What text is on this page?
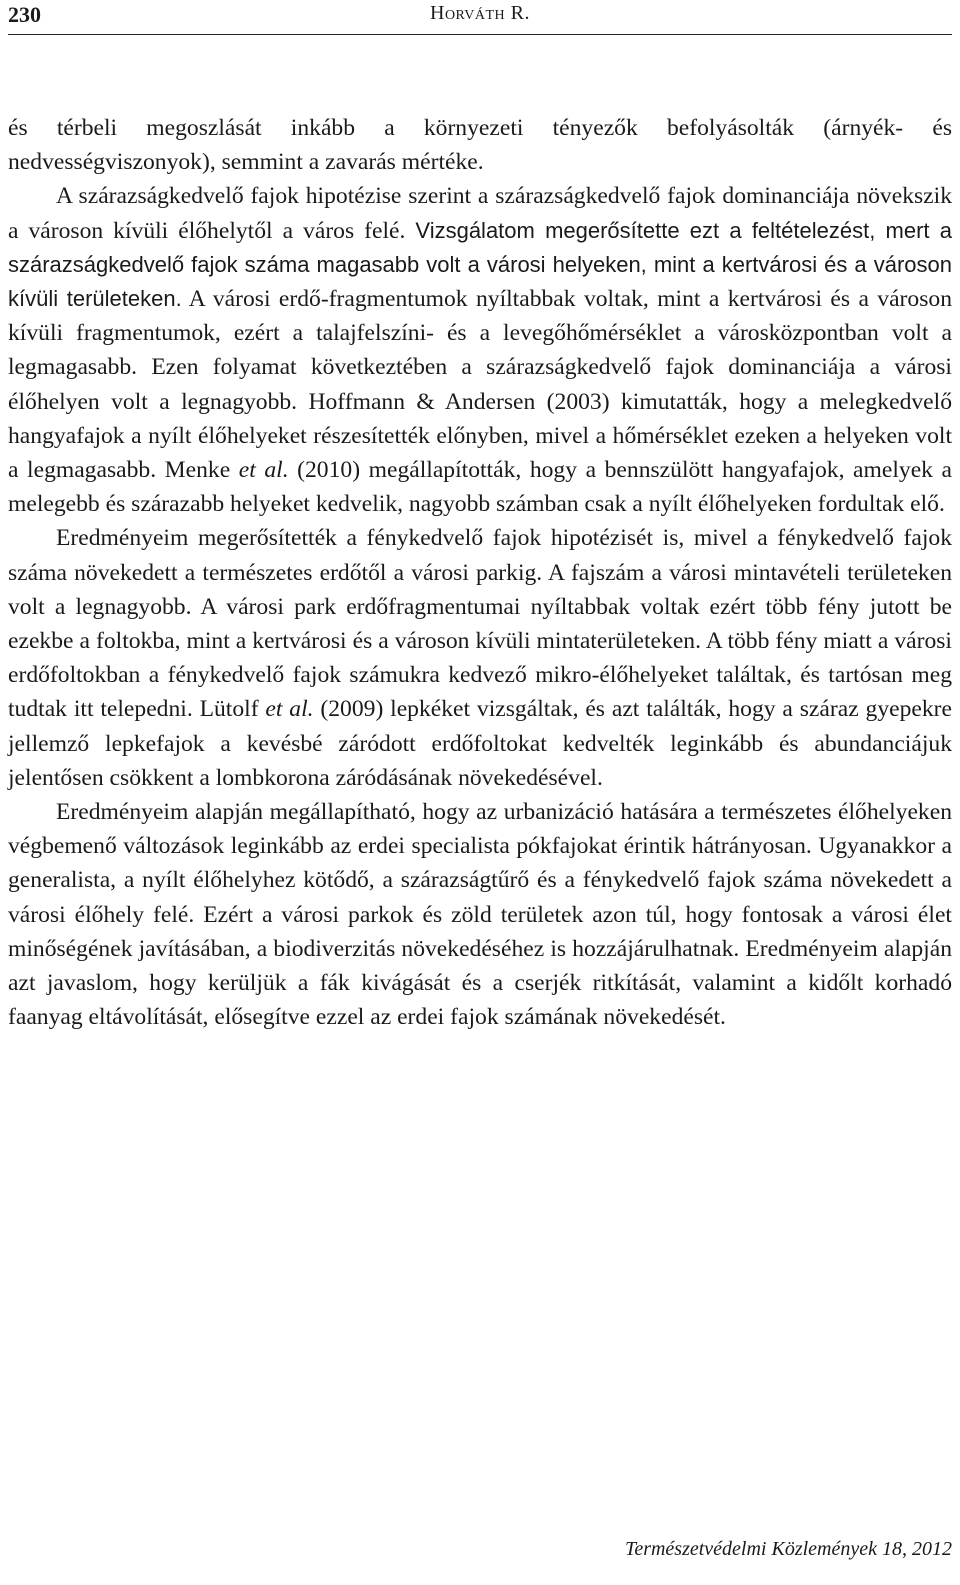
230	Horváth R.

és térbeli megoszlását inkább a környezeti tényezők befolyásolták (árnyék- és nedvességviszonyok), semmint a zavarás mértéke.

A szárazságkedvelő fajok hipotézise szerint a szárazságkedvelő fajok dominanciája növekszik a városon kívüli élőhelytől a város felé. Vizsgálatom megerősítette ezt a feltételezést, mert a szárazságkedvelő fajok száma magasabb volt a városi helyeken, mint a kertvárosi és a városon kívüli területeken. A városi erdő-fragmentumok nyíltabbak voltak, mint a kertvárosi és a városon kívüli fragmentumok, ezért a talajfelszíni- és a levegőhőmérséklet a városközpontban volt a legmagasabb. Ezen folyamat következtében a szárazságkedvelő fajok dominanciája a városi élőhelyen volt a legnagyobb. Hoffmann & Andersen (2003) kimutatták, hogy a melegkedvelő hangyafajok a nyílt élőhelyeket részesítették előnyben, mivel a hőmérséklet ezeken a helyeken volt a legmagasabb. Menke et al. (2010) megállapították, hogy a bennszülött hangyafajok, amelyek a melegebb és szárazabb helyeket kedvelik, nagyobb számban csak a nyílt élőhelyeken fordultak elő.

Eredményeim megerősítették a fénykedvelő fajok hipotézisét is, mivel a fénykedvelő fajok száma növekedett a természetes erdőtől a városi parkig. A fajszám a városi mintavételi területeken volt a legnagyobb. A városi park erdőfragmentumai nyíltabbak voltak ezért több fény jutott be ezekbe a foltokba, mint a kertvárosi és a városon kívüli mintaterületeken. A több fény miatt a városi erdőfoltokban a fénykedvelő fajok számukra kedvező mikro-élőhelyeket találtak, és tartósan meg tudtak itt telepedni. Lütolf et al. (2009) lepkéket vizsgáltak, és azt találták, hogy a száraz gyepekre jellemző lepkefajok a kevésbé záródott erdőfoltokat kedvelték leginkább és abundanciájuk jelentősen csökkent a lombkorona záródásának növekedésével.

Eredményeim alapján megállapítható, hogy az urbanizáció hatására a természetes élőhelyeken végbemenő változások leginkább az erdei specialista pókfajokat érintik hátrányosan. Ugyanakkor a generalista, a nyílt élőhelyhez kötődő, a szárazságtűrő és a fénykedvelő fajok száma növekedett a városi élőhely felé. Ezért a városi parkok és zöld területek azon túl, hogy fontosak a városi élet minőségének javításában, a biodiverzitás növekedéséhez is hozzájárulhatnak. Eredményeim alapján azt javaslom, hogy kerüljük a fák kivágását és a cserjék ritkítását, valamint a kidőlt korhadó faanyag eltávolítását, elősegítve ezzel az erdei fajok számának növekedését.

Természetvédelmi Közlemények 18, 2012
